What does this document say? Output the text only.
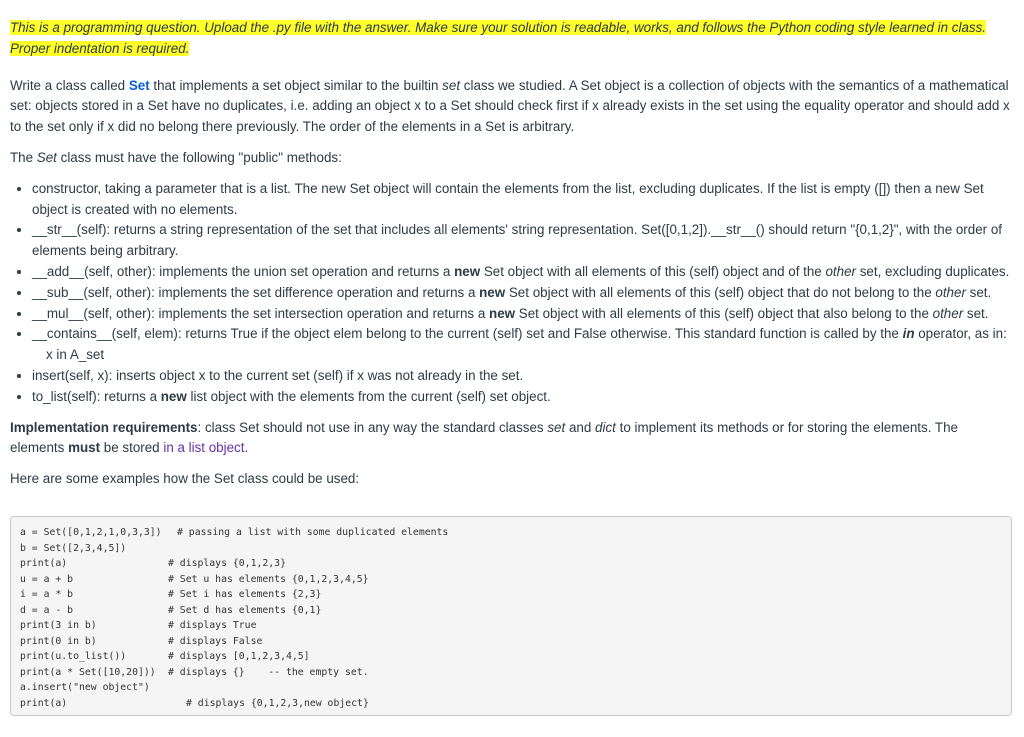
This is a programming question. Upload the .py file with the answer. Make sure your solution is readable, works, and follows the Python coding style learned in class. Proper indentation is required.

Write a class called Set that implements a set object similar to the builtin set class we studied. A Set object is a collection of objects with the semantics of a mathematical set: objects stored in a Set have no duplicates, i.e. adding an object x to a Set should check first if x already exists in the set using the equality operator and should add x to the set only if x did no belong there previously. The order of the elements in a Set is arbitrary.

The Set class must have the following "public" methods:

• constructor, taking a parameter that is a list. The new Set object will contain the elements from the list, excluding duplicates. If the list is empty ([]) then a new Set object is created with no elements.
• __str__(self): returns a string representation of the set that includes all elements' string representation. Set([0,1,2]).__str__() should return "{0,1,2}", with the order of elements being arbitrary.
• __add__(self, other): implements the union set operation and returns a new Set object with all elements of this (self) object and of the other set, excluding duplicates.
• __sub__(self, other): implements the set difference operation and returns a new Set object with all elements of this (self) object that do not belong to the other set.
• __mul__(self, other): implements the set intersection operation and returns a new Set object with all elements of this (self) object that also belong to the other set.
• __contains__(self, elem): returns True if the object elem belong to the current (self) set and False otherwise. This standard function is called by the in operator, as in:
x in A_set
• insert(self, x): inserts object x to the current set (self) if x was not already in the set.
• to_list(self): returns a new list object with the elements from the current (self) set object.

Implementation requirements: class Set should not use in any way the standard classes set and dict to implement its methods or for storing the elements. The elements must be stored in a list object.

Here are some examples how the Set class could be used:

a = Set([0,1,2,1,0,3,3]) # passing a list with some duplicated elements
b = Set([2,3,4,5])
print(a)	# displays {0,1,2,3}
u = a + b	# Set u has elements {0,1,2,3,4,5}
i = a * b	# Set i has elements {2,3}
d = a - b	# Set d has elements {0,1}
print(3 in b)	# displays True
print(0 in b)	# displays False
print(u.to_list())	# displays [0,1,2,3,4,5]
print(a * Set([10,20])) # displays {}    -- the empty set.
a.insert("new object")
print(a)	# displays {0,1,2,3,new object}
